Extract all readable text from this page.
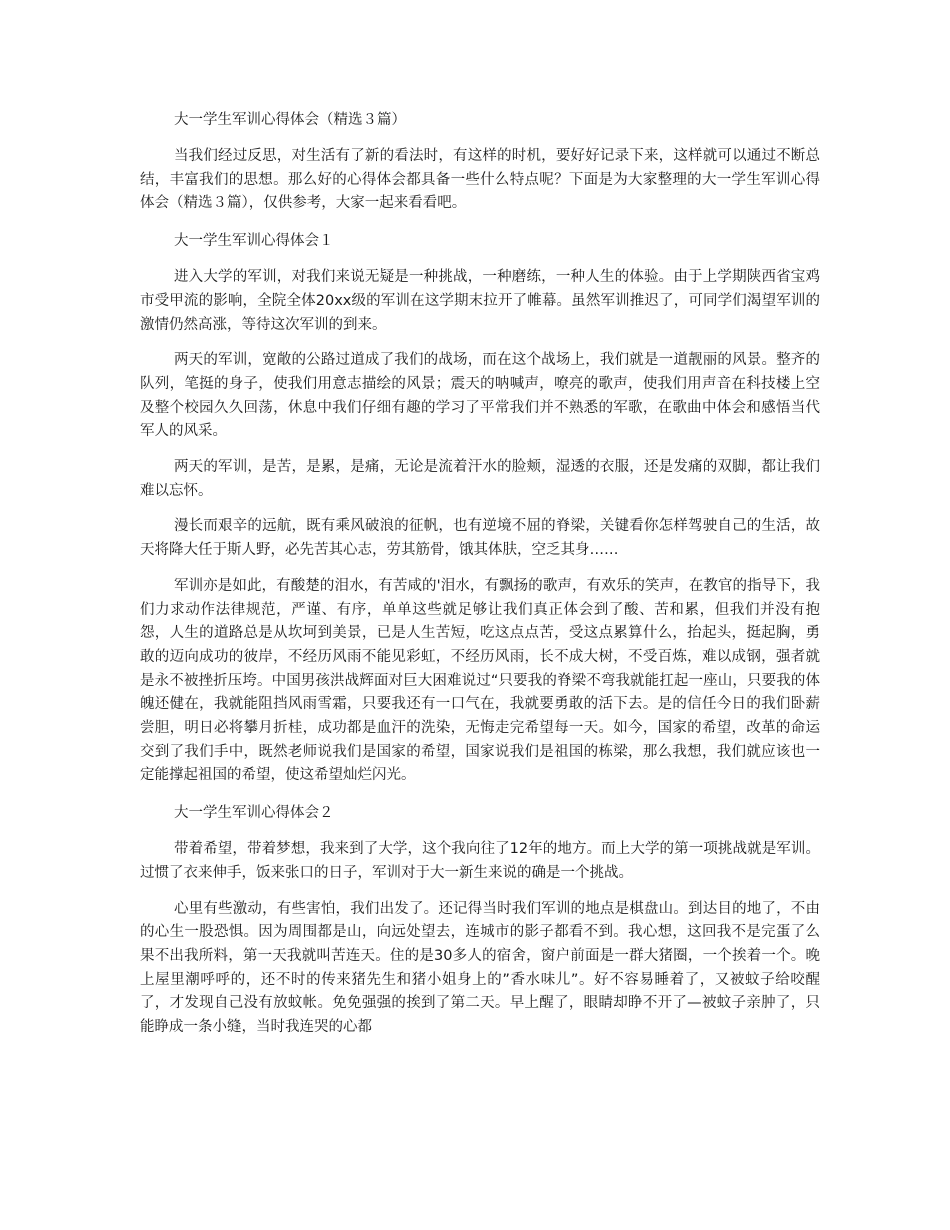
大一学生军训心得体会（精选３篇）

当我们经过反思，对生活有了新的看法时，有这样的时机，要好好记录下来，这样就可以通过不断总结，丰富我们的思想。那么好的心得体会都具备一些什么特点呢？下面是为大家整理的大一学生军训心得体会（精选３篇），仅供参考，大家一起来看看吧。

大一学生军训心得体会１

进入大学的军训，对我们来说无疑是一种挑战，一种磨练，一种人生的体验。由于上学期陕西省宝鸡市受甲流的影响，全院全体20xx级的军训在这学期末拉开了帷幕。虽然军训推迟了，可同学们渴望军训的激情仍然高涨，等待这次军训的到来。

两天的军训，宽敞的公路过道成了我们的战场，而在这个战场上，我们就是一道靓丽的风景。整齐的队列，笔挺的身子，使我们用意志描绘的风景；震天的呐喊声，嘹亮的歌声，使我们用声音在科技楼上空及整个校园久久回荡，休息中我们仔细有趣的学习了平常我们并不熟悉的军歌，在歌曲中体会和感悟当代军人的风采。

两天的军训，是苦，是累，是痛，无论是流着汗水的脸颊，湿透的衣服，还是发痛的双脚，都让我们难以忘怀。

漫长而艰辛的远航，既有乘风破浪的征帆，也有逆境不屈的脊梁，关键看你怎样驾驶自己的生活，故天将降大任于斯人野，必先苦其心志，劳其筋骨，饿其体肤，空乏其身……

军训亦是如此，有酸楚的泪水，有苦咸的'泪水，有飘扬的歌声，有欢乐的笑声，在教官的指导下，我们力求动作法律规范，严谨、有序，单单这些就足够让我们真正体会到了酸、苦和累，但我们并没有抱怨，人生的道路总是从坎坷到美景，已是人生苦短，吃这点点苦，受这点累算什么，抬起头，挺起胸，勇敢的迈向成功的彼岸，不经历风雨不能见彩虹，不经历风雨，长不成大树，不受百炼，难以成钢，强者就是永不被挫折压垮。中国男孩洪战辉面对巨大困难说过“只要我的脊梁不弯我就能扛起一座山，只要我的体魄还健在，我就能阻挡风雨雪霜，只要我还有一口气在，我就要勇敢的活下去。是的信任今日的我们卧薪尝胆，明日必将攀月折桂，成功都是血汗的洗染，无悔走完希望每一天。如今，国家的希望，改革的命运交到了我们手中，既然老师说我们是国家的希望，国家说我们是祖国的栋梁，那么我想，我们就应该也一定能撑起祖国的希望，使这希望灿烂闪光。

大一学生军训心得体会２

带着希望，带着梦想，我来到了大学，这个我向往了12年的地方。而上大学的第一项挑战就是军训。过惯了衣来伸手，饭来张口的日子，军训对于大一新生来说的确是一个挑战。

心里有些激动，有些害怕，我们出发了。还记得当时我们军训的地点是棋盘山。到达目的地了，不由的心生一股恐惧。因为周围都是山，向远处望去，连城市的影子都看不到。我心想，这回我不是完蛋了么果不出我所料，第一天我就叫苦连天。住的是30多人的宿舍，窗户前面是一群大猪圈，一个挨着一个。晚上屋里潮呼呼的，还不时的传来猪先生和猪小姐身上的”香水味儿”。好不容易睡着了，又被蚊子给咬醒了，才发现自己没有放蚊帐。免免强强的挨到了第二天。早上醒了，眼睛却睁不开了—被蚊子亲肿了，只能睁成一条小缝，当时我连哭的心都
